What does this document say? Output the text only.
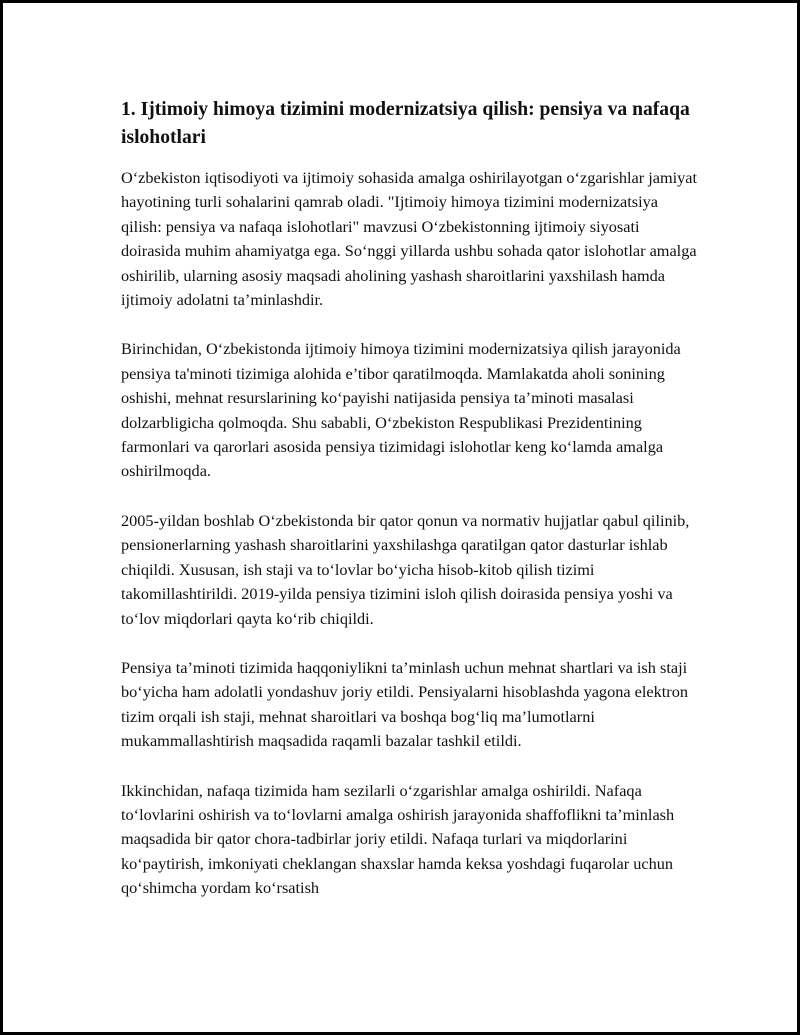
1. Ijtimoiy himoya tizimini modernizatsiya qilish: pensiya va nafaqa islohotlari

O‘zbekiston iqtisodiyoti va ijtimoiy sohasida amalga oshirilayotgan o‘zgarishlar jamiyat hayotining turli sohalarini qamrab oladi. "Ijtimoiy himoya tizimini modernizatsiya qilish: pensiya va nafaqa islohotlari" mavzusi O‘zbekistonning ijtimoiy siyosati doirasida muhim ahamiyatga ega. So‘nggi yillarda ushbu sohada qator islohotlar amalga oshirilib, ularning asosiy maqsadi aholining yashash sharoitlarini yaxshilash hamda ijtimoiy adolatni ta’minlashdir.

Birinchidan, O‘zbekistonda ijtimoiy himoya tizimini modernizatsiya qilish jarayonida pensiya ta'minoti tizimiga alohida e’tibor qaratilmoqda. Mamlakatda aholi sonining oshishi, mehnat resurslarining ko‘payishi natijasida pensiya ta’minoti masalasi dolzarbligicha qolmoqda. Shu sababli, O‘zbekiston Respublikasi Prezidentining farmonlari va qarorlari asosida pensiya tizimidagi islohotlar keng ko‘lamda amalga oshirilmoqda.

2005-yildan boshlab O‘zbekistonda bir qator qonun va normativ hujjatlar qabul qilinib, pensionerlarning yashash sharoitlarini yaxshilashga qaratilgan qator dasturlar ishlab chiqildi. Xususan, ish staji va to‘lovlar bo‘yicha hisob-kitob qilish tizimi takomillashtirildi. 2019-yilda pensiya tizimini isloh qilish doirasida pensiya yoshi va to‘lov miqdorlari qayta ko‘rib chiqildi.

Pensiya ta’minoti tizimida haqqoniylikni ta’minlash uchun mehnat shartlari va ish staji bo‘yicha ham adolatli yondashuv joriy etildi. Pensiyalarni hisoblashda yagona elektron tizim orqali ish staji, mehnat sharoitlari va boshqa bog‘liq ma’lumotlarni mukammallashtirish maqsadida raqamli bazalar tashkil etildi.

Ikkinchidan, nafaqa tizimida ham sezilarli o‘zgarishlar amalga oshirildi. Nafaqa to‘lovlarini oshirish va to‘lovlarni amalga oshirish jarayonida shaffoflikni ta’minlash maqsadida bir qator chora-tadbirlar joriy etildi. Nafaqa turlari va miqdorlarini ko‘paytirish, imkoniyati cheklangan shaxslar hamda keksa yoshdagi fuqarolar uchun qo‘shimcha yordam ko‘rsatish
